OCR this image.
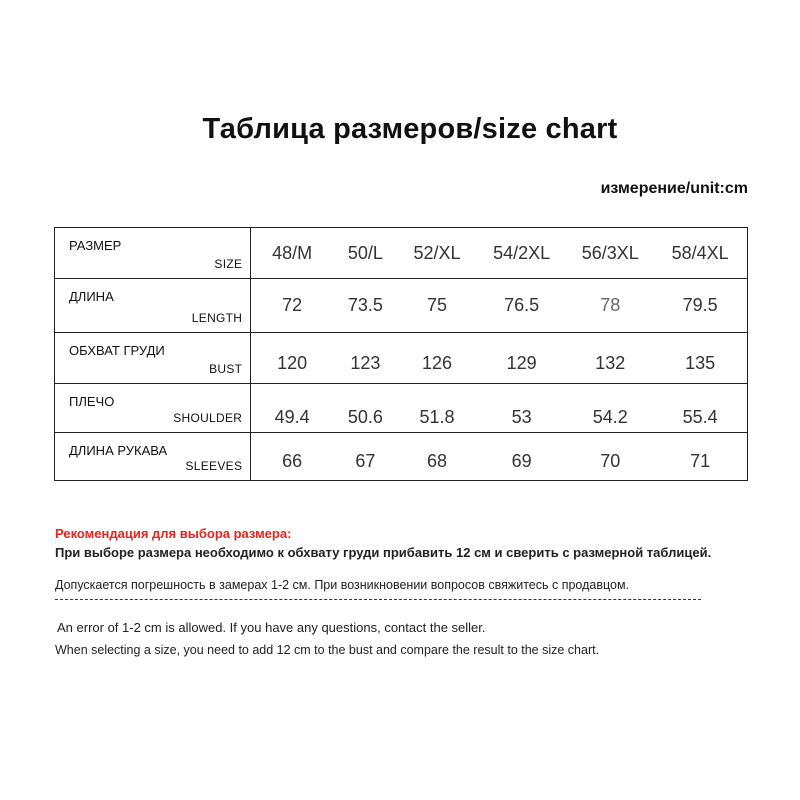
Таблица размеров/size chart
измерение/unit:cm
РАЗМЕР
SIZE	48/M	50/L	52/XL	54/2XL	56/3XL	58/4XL

ДЛИНА
LENGTH	72	73.5	75	76.5	78	79.5

ОБХВАТ ГРУДИ
BUST	120	123	126	129	132	135

ПЛЕЧО
SHOULDER	49.4	50.6	51.8	53	54.2	55.4

ДЛИНА РУКАВА
SLEEVES	66	67	68	69	70	71
Рекомендация для выбора размера:
При выборе размера необходимо к обхвату груди прибавить 12 см и сверить с размерной таблицей.
Допускается погрешность в замерах 1-2 см. При возникновении вопросов свяжитесь с продавцом.
An error of 1-2 cm is allowed. If you have any questions, contact the seller.
When selecting a size, you need to add 12 cm to the bust and compare the result to the size chart.
